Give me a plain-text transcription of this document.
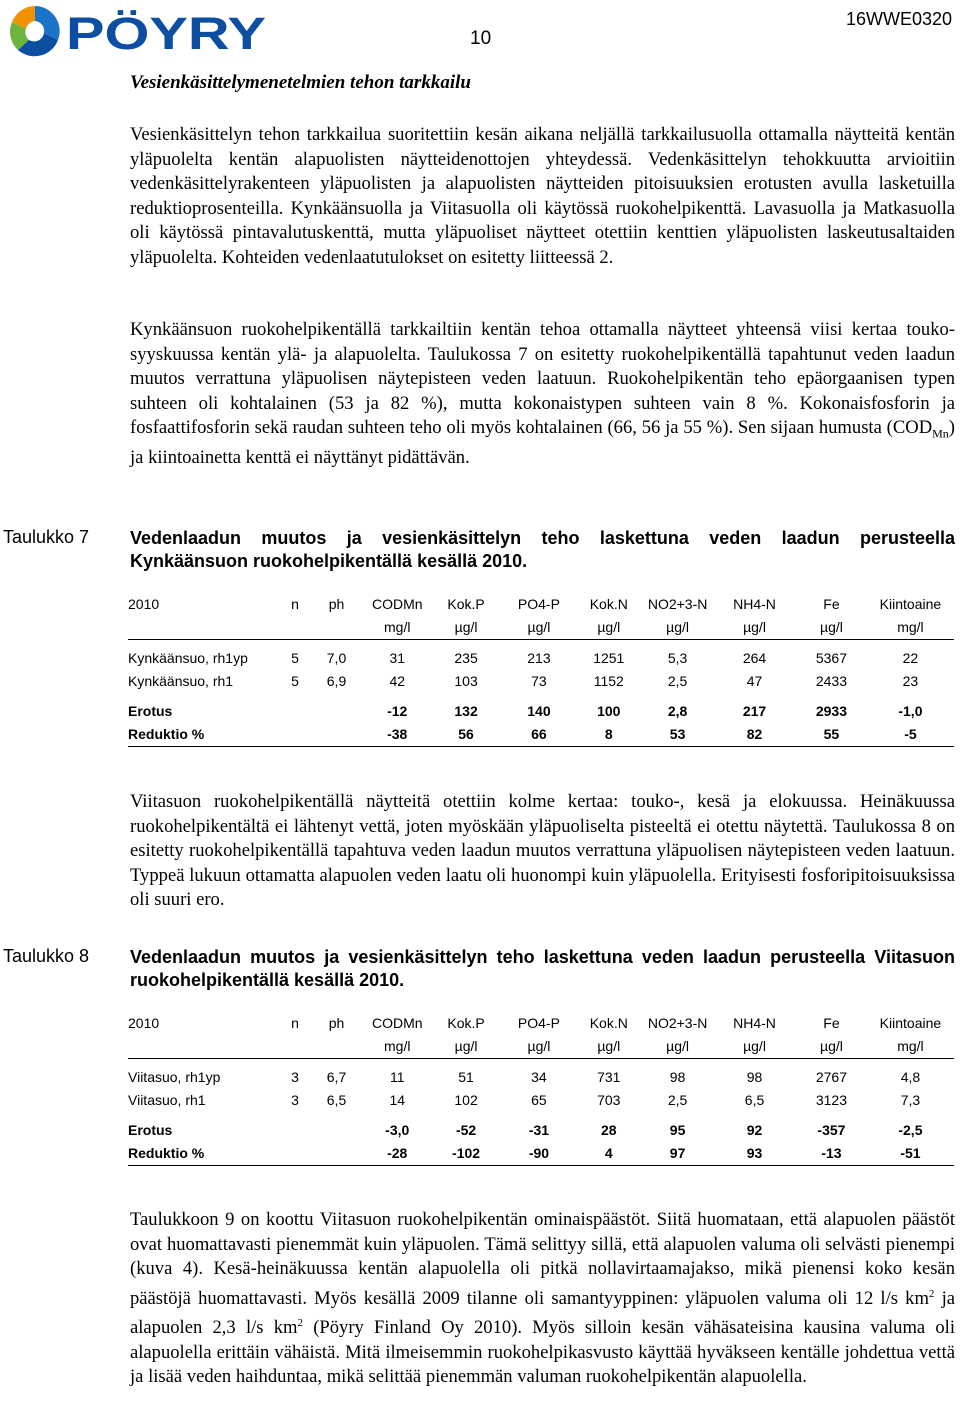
PÖYRY	10
16WWE0320
Vesienkäsittelymenetelmien tehon tarkkailu

Vesienkäsittelyn tehon tarkkailua suoritettiin kesän aikana neljällä tarkkailusuolla ottamalla näytteitä kentän yläpuolelta kentän alapuolisten näytteidenottojen yhteydessä. Vedenkäsittelyn tehokkuutta arvioitiin vedenkäsittelyrakenteen yläpuolisten ja alapuolisten näytteiden pitoisuuksien erotusten avulla lasketuilla reduktioprosenteilla. Kynkäänsuolla ja Viitasuolla oli käytössä ruokohelpikenttä. Lavasuolla ja Matkasuolla oli käytössä pintavalutuskenttä, mutta yläpuoliset näytteet otettiin kenttien yläpuolisten laskeutusaltaiden yläpuolelta. Kohteiden vedenlaatutulokset on esitetty liitteessä 2.

Kynkäänsuon ruokohelpikentällä tarkkailtiin kentän tehoa ottamalla näytteet yhteensä viisi kertaa touko-syyskuussa kentän ylä- ja alapuolelta. Taulukossa 7 on esitetty ruokohelpikentällä tapahtunut veden laadun muutos verrattuna yläpuolisen näytepisteen veden laatuun. Ruokohelpikentän teho epäorgaanisen typen suhteen oli kohtalainen (53 ja 82 %), mutta kokonaistypen suhteen vain 8 %. Kokonaisfosforin ja fosfaattifosforin sekä raudan suhteen teho oli myös kohtalainen (66, 56 ja 55 %). Sen sijaan humusta $(COD_{Mn})$ ja kiintoainetta kenttä ei näyttänyt pidättävän.

Taulukko 7 Vedenlaadun muutos ja vesienkäsittelyn teho laskettuna veden laadun perusteella Kynkäänsuon ruokohelpikentällä kesällä 2010.

2010	n	ph	CODMn	Kok.P	PO4-P	Kok.N	NO2+3-N	NH4-N	Fe	Kiintoaine
			mg/l	µg/l	µg/l	µg/l	µg/l	µg/l	µg/l	mg/l

Kynkäänsuo, rh1yp	5	7,0	31	235	213	1251	5,3	264	5367	22
Kynkäänsuo, rh1	5	6,9	42	103	73	1152	2,5	47	2433	23

Erotus			-12	132	140	100	2,8	217	2933	-1,0
Reduktio %			-38	56	66	8	53	82	55	-5

Viitasuon ruokohelpikentällä näytteitä otettiin kolme kertaa: touko-, kesä ja elokuussa. Heinäkuussa ruokohelpikentältä ei lähtenyt vettä, joten myöskään yläpuoliselta pisteeltä ei otettu näytettä. Taulukossa 8 on esitetty ruokohelpikentällä tapahtuva veden laadun muutos verrattuna yläpuolisen näytepisteen veden laatuun. Typpeä lukuun ottamatta alapuolen veden laatu oli huonompi kuin yläpuolella. Erityisesti fosforipitoisuuksissa oli suuri ero.

Taulukko 8 Vedenlaadun muutos ja vesienkäsittelyn teho laskettuna veden laadun perusteella Viitasuon ruokohelpikentällä kesällä 2010.

2010	n	ph	CODMn	Kok.P	PO4-P	Kok.N	NO2+3-N	NH4-N	Fe	Kiintoaine
			mg/l	µg/l	µg/l	µg/l	µg/l	µg/l	µg/l	mg/l

Viitasuo, rh1yp	3	6,7	11	51	34	731	98	98	2767	4,8
Viitasuo, rh1	3	6,5	14	102	65	703	2,5	6,5	3123	7,3

Erotus			-3,0	-52	-31	28	95	92	-357	-2,5
Reduktio %			-28	-102	-90	4	97	93	-13	-51

Taulukkoon 9 on koottu Viitasuon ruokohelpikentän ominaispäästöt. Siitä huomataan, että alapuolen päästöt ovat huomattavasti pienemmät kuin yläpuolen. Tämä selittyy sillä, että alapuolen valuma oli selvästi pienempi (kuva 4). Kesä-heinäkuussa kentän alapuolella oli pitkä nollavirtaamajakso, mikä pienensi koko kesän päästöjä huomattavasti. Myös kesällä 2009 tilanne oli samantyyppinen: yläpuolen valuma oli 12 l/s $km^2$ ja alapuolen 2,3 l/s $km^2$ (Pöyry Finland Oy 2010). Myös silloin kesän vähäsateisina kausina valuma oli alapuolella erittäin vähäistä. Mitä ilmeisemmin ruokohelpikasvusto käyttää hyväkseen kentälle johdettua vettä ja lisää veden haihduntaa, mikä selittää pienemmän valuman ruokohelpikentän alapuolella.
